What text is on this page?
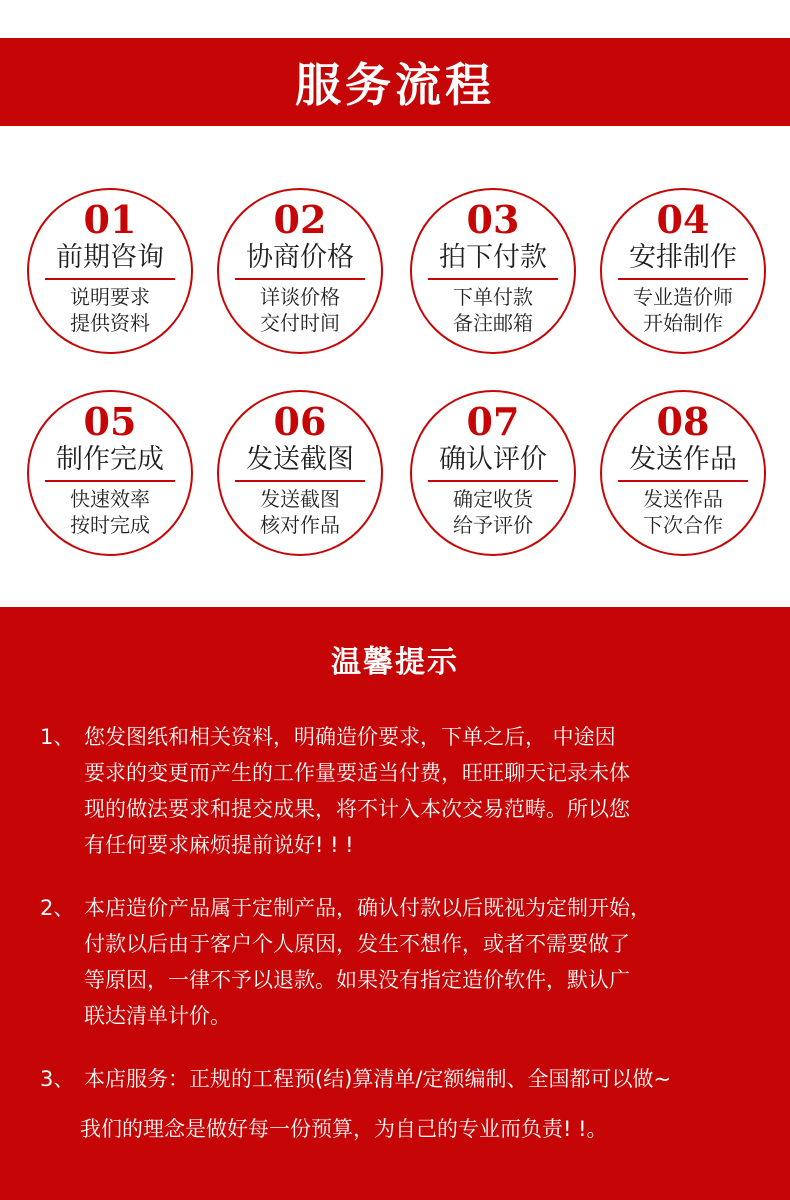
服务流程
01
前期咨询
说明要求
提供资料
02
协商价格
详谈价格
交付时间
03
拍下付款
下单付款
备注邮箱
04
安排制作
专业造价师
开始制作
05
制作完成
快速效率
按时完成
06
发送截图
发送截图
核对作品
07
确认评价
确定收货
给予评价
08
发送作品
发送作品
下次合作
温馨提示
1、 您发图纸和相关资料，明确造价要求，下单之后， 中途因
要求的变更而产生的工作量要适当付费，旺旺聊天记录未体
现的做法要求和提交成果，将不计入本次交易范畴。所以您
有任何要求麻烦提前说好! ! !
2、 本店造价产品属于定制产品，确认付款以后既视为定制开始，
付款以后由于客户个人原因，发生不想作，或者不需要做了
等原因，一律不予以退款。如果没有指定造价软件，默认广
联达清单计价。
3、 本店服务：正规的工程预(结)算清单/定额编制、全国都可以做~
我们的理念是做好每一份预算，为自己的专业而负责! !。
